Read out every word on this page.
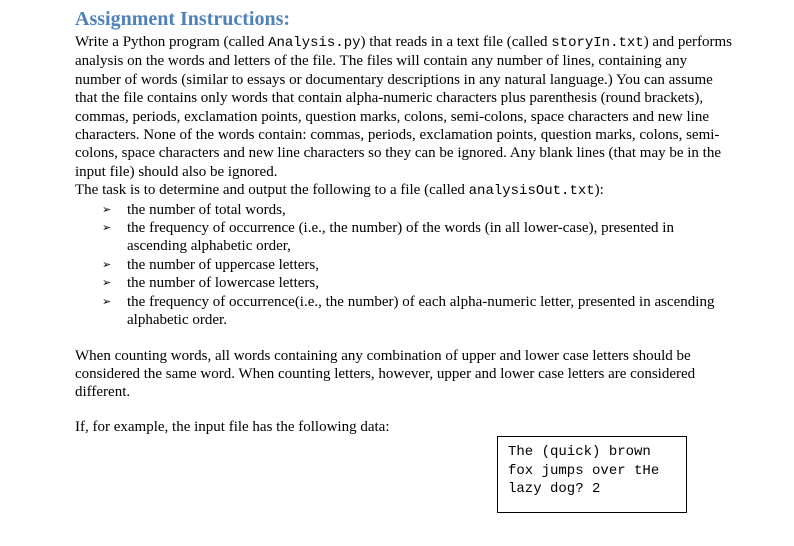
Assignment Instructions:

Write a Python program (called Analysis.py) that reads in a text file (called storyIn.txt) and performs analysis on the words and letters of the file. The files will contain any number of lines, containing any number of words (similar to essays or documentary descriptions in any natural language.) You can assume that the file contains only words that contain alpha-numeric characters plus parenthesis (round brackets), commas, periods, exclamation points, question marks, colons, semi-colons, space characters and new line characters. None of the words contain: commas, periods, exclamation points, question marks, colons, semi-colons, space characters and new line characters so they can be ignored. Any blank lines (that may be in the input file) should also be ignored.

The task is to determine and output the following to a file (called analysisOut.txt):

➢ the number of total words,
➢ the frequency of occurrence (i.e., the number) of the words (in all lower-case), presented in ascending alphabetic order,
➢ the number of uppercase letters,
➢ the number of lowercase letters,
➢ the frequency of occurrence(i.e., the number) of each alpha-numeric letter, presented in ascending alphabetic order.

When counting words, all words containing any combination of upper and lower case letters should be considered the same word. When counting letters, however, upper and lower case letters are considered different.

If, for example, the input file has the following data:

The (quick) brown
fox jumps over tHe
lazy dog? 2
